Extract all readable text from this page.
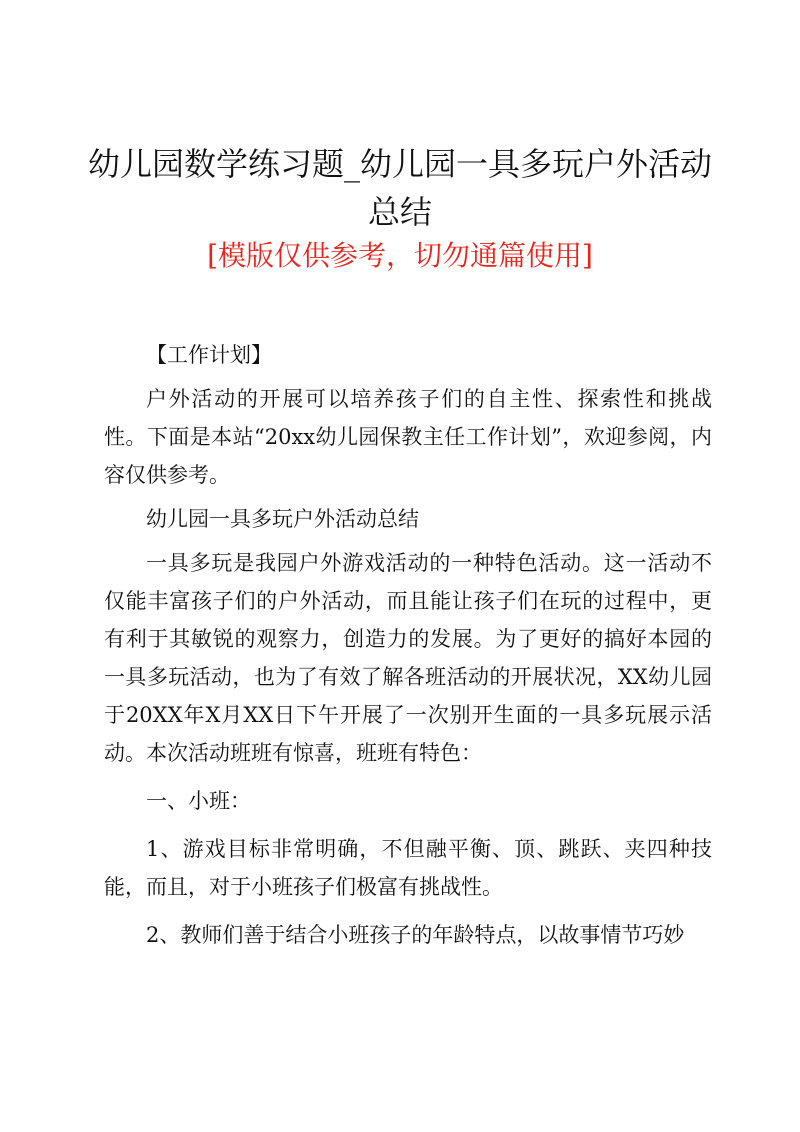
幼儿园数学练习题_幼儿园一具多玩户外活动
总结
[模版仅供参考，切勿通篇使用]

【工作计划】

户外活动的开展可以培养孩子们的自主性、探索性和挑战性。下面是本站“20xx幼儿园保教主任工作计划”，欢迎参阅，内容仅供参考。

幼儿园一具多玩户外活动总结

一具多玩是我园户外游戏活动的一种特色活动。这一活动不仅能丰富孩子们的户外活动，而且能让孩子们在玩的过程中，更有利于其敏锐的观察力，创造力的发展。为了更好的搞好本园的一具多玩活动，也为了有效了解各班活动的开展状况，XX幼儿园于20XX年X月XX日下午开展了一次别开生面的一具多玩展示活动。本次活动班班有惊喜，班班有特色：

一、小班：

1、游戏目标非常明确，不但融平衡、顶、跳跃、夹四种技能，而且，对于小班孩子们极富有挑战性。

2、教师们善于结合小班孩子的年龄特点，以故事情节巧妙
